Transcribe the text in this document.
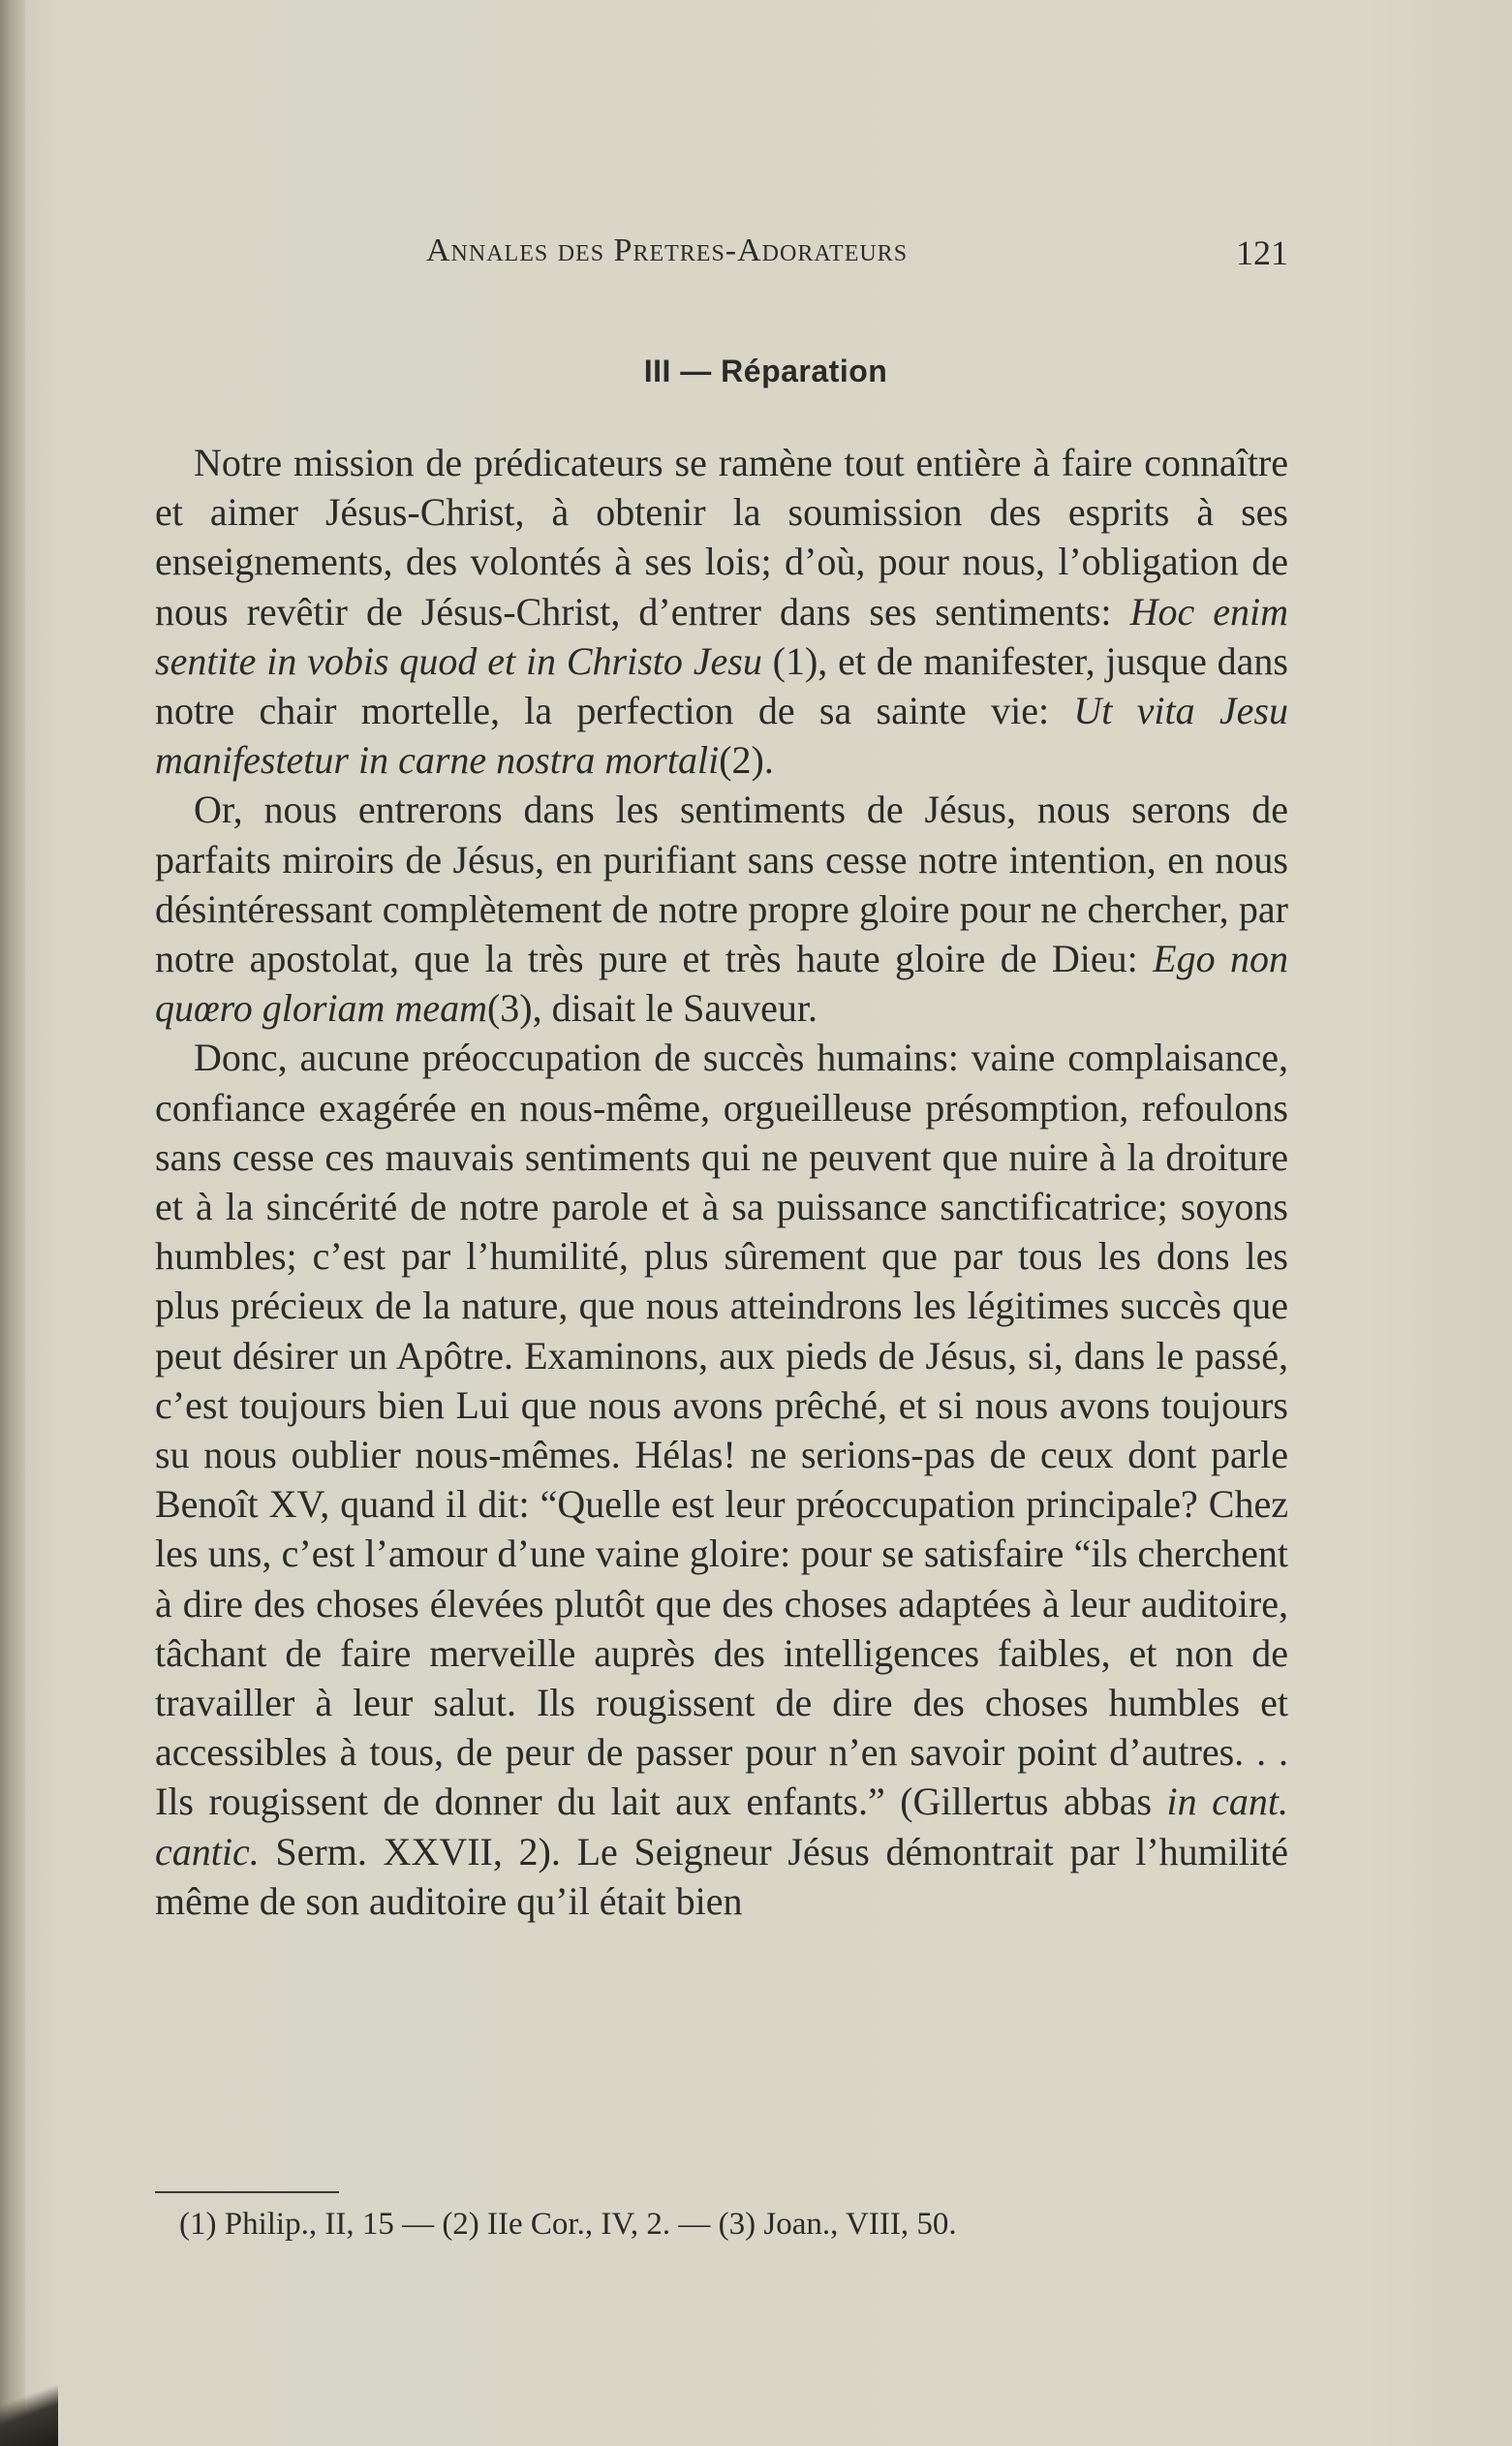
Annales des Pretres-Adorateurs	121
III — Réparation

Notre mission de prédicateurs se ramène tout entière à faire connaître et aimer Jésus-Christ, à obtenir la soumission des esprits à ses enseignements, des volontés à ses lois; d’où, pour nous, l’obligation de nous revêtir de Jésus-Christ, d’entrer dans ses sentiments: Hoc enim sentite in vobis quod et in Christo Jesu (1), et de manifester, jusque dans notre chair mortelle, la perfection de sa sainte vie: Ut vita Jesu manifestetur in carne nostra mortali(2).

Or, nous entrerons dans les sentiments de Jésus, nous serons de parfaits miroirs de Jésus, en purifiant sans cesse notre intention, en nous désintéressant complètement de notre propre gloire pour ne chercher, par notre apostolat, que la très pure et très haute gloire de Dieu: Ego non quœro gloriam meam(3), disait le Sauveur.

Donc, aucune préoccupation de succès humains: vaine complaisance, confiance exagérée en nous-même, orgueilleuse présomption, refoulons sans cesse ces mauvais sentiments qui ne peuvent que nuire à la droiture et à la sincérité de notre parole et à sa puissance sanctificatrice; soyons humbles; c’est par l’humilité, plus sûrement que par tous les dons les plus précieux de la nature, que nous atteindrons les légitimes succès que peut désirer un Apôtre. Examinons, aux pieds de Jésus, si, dans le passé, c’est toujours bien Lui que nous avons prêché, et si nous avons toujours su nous oublier nous-mêmes. Hélas! ne serions-pas de ceux dont parle Benoît XV, quand il dit: “Quelle est leur préoccupation principale? Chez les uns, c’est l’amour d’une vaine gloire: pour se satisfaire “ils cherchent à dire des choses élevées plutôt que des choses adaptées à leur auditoire, tâchant de faire merveille auprès des intelligences faibles, et non de travailler à leur salut. Ils rougissent de dire des choses humbles et accessibles à tous, de peur de passer pour n’en savoir point d’autres. . . Ils rougissent de donner du lait aux enfants.” (Gillertus abbas in cant. cantic. Serm. XXVII, 2). Le Seigneur Jésus démontrait par l’humilité même de son auditoire qu’il était bien

(1) Philip., II, 15 — (2) IIe Cor., IV, 2. — (3) Joan., VIII, 50.
